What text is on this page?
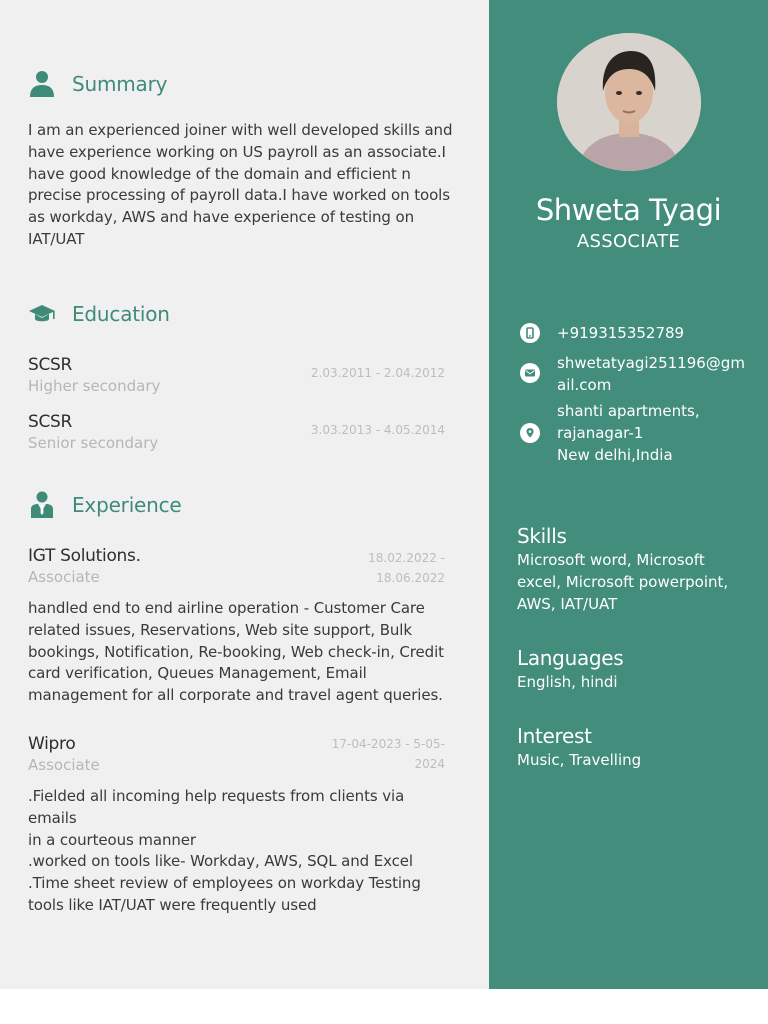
Summary
I am an experienced joiner with well developed skills and
have experience working on US payroll as an associate.I
have good knowledge of the domain and efficient n
precise processing of payroll data.I have worked on tools
as workday, AWS and have experience of testing on
IAT/UAT
Education
SCSR
Higher secondary
2.03.2011 - 2.04.2012
SCSR
Senior secondary
3.03.2013 - 4.05.2014
Experience
IGT Solutions.
Associate
18.02.2022 -
18.06.2022
handled end to end airline operation - Customer Care
related issues, Reservations, Web site support, Bulk
bookings, Notification, Re-booking, Web check-in, Credit
card verification, Queues Management, Email
management for all corporate and travel agent queries.
Wipro
Associate
17-04-2023 - 5-05-
2024
.Fielded all incoming help requests from clients via emails
in a courteous manner
.worked on tools like- Workday, AWS, SQL and Excel
.Time sheet review of employees on workday Testing
tools like IAT/UAT were frequently used
Shweta Tyagi
ASSOCIATE
+919315352789
shwetatyagi251196@gm
ail.com
shanti apartments,
rajanagar-1
New delhi,India
Skills
Microsoft word, Microsoft
excel, Microsoft powerpoint,
AWS, IAT/UAT
Languages
English, hindi
Interest
Music, Travelling
